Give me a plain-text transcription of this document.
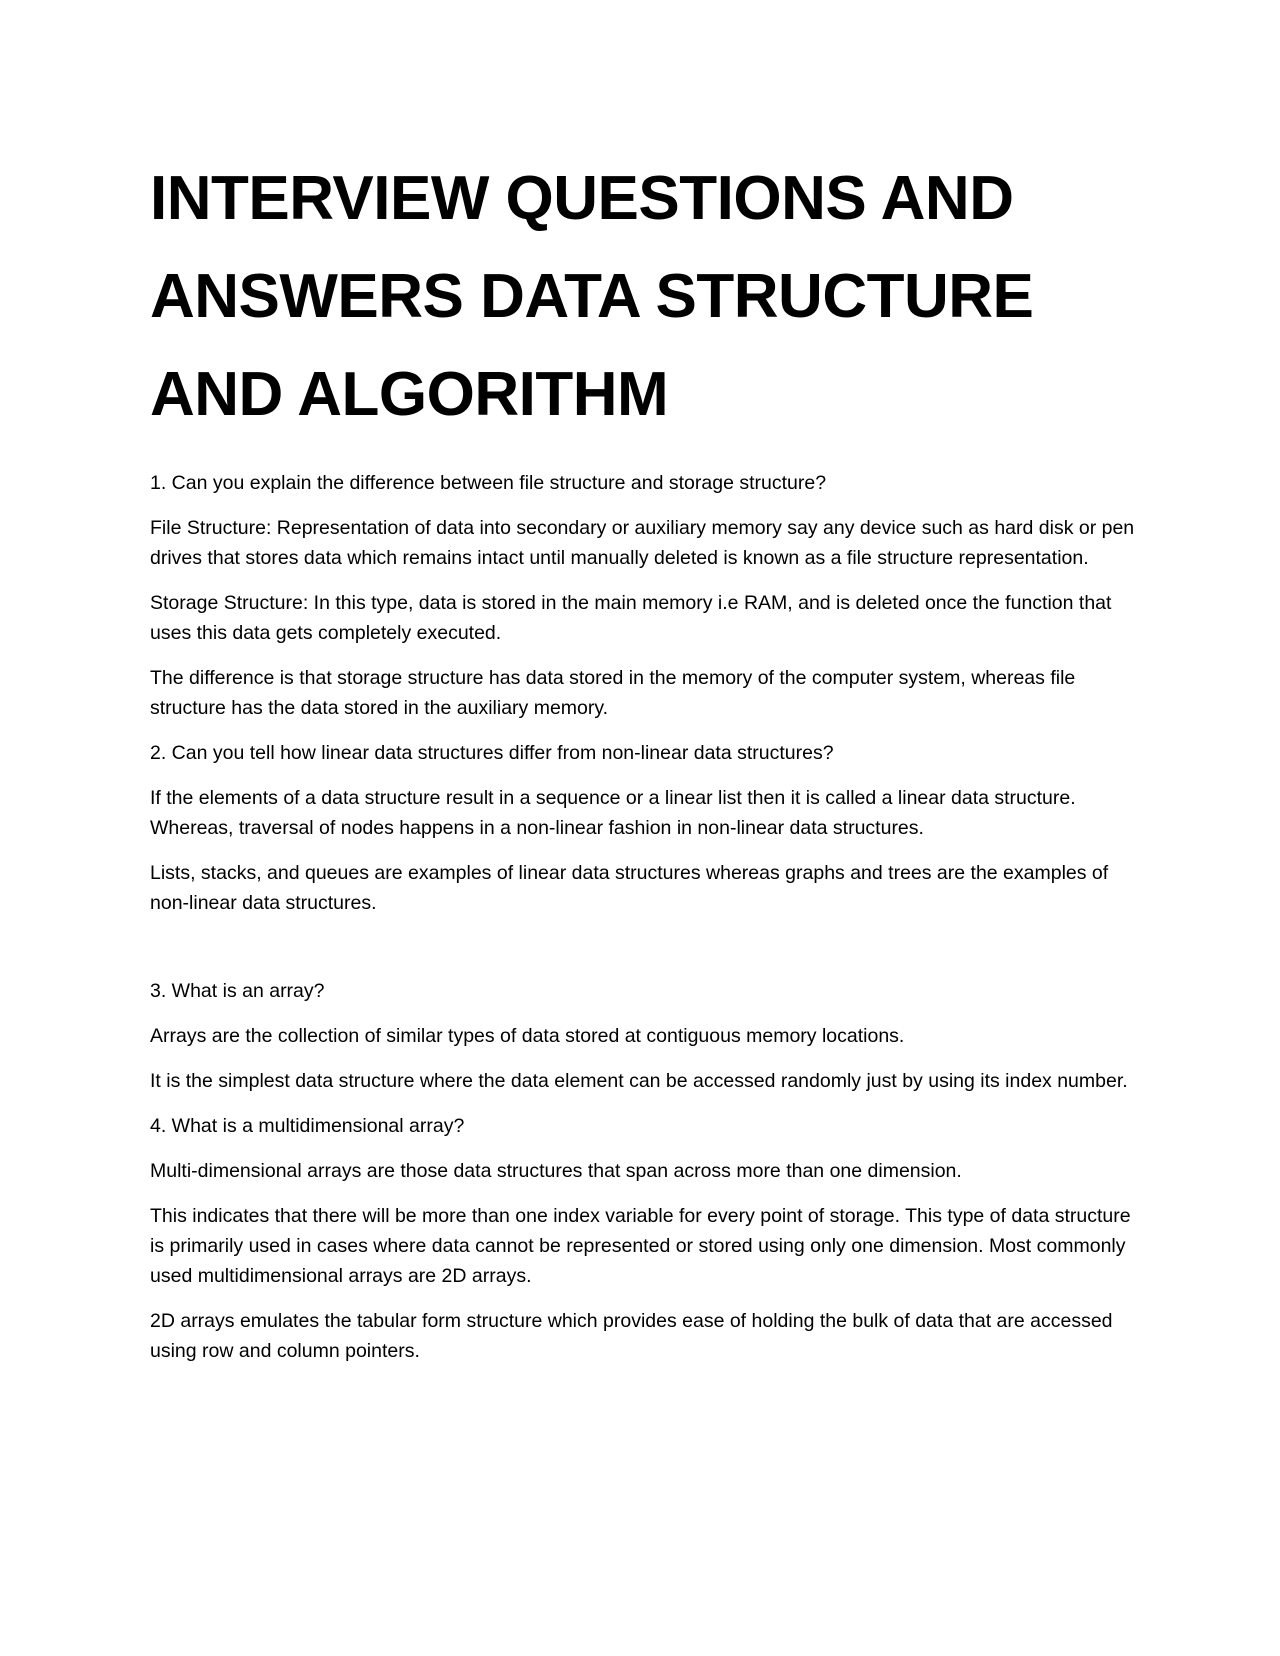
INTERVIEW QUESTIONS AND ANSWERS DATA STRUCTURE AND ALGORITHM

1. Can you explain the difference between file structure and storage structure?

File Structure: Representation of data into secondary or auxiliary memory say any device such as hard disk or pen drives that stores data which remains intact until manually deleted is known as a file structure representation.

Storage Structure: In this type, data is stored in the main memory i.e RAM, and is deleted once the function that uses this data gets completely executed.

The difference is that storage structure has data stored in the memory of the computer system, whereas file structure has the data stored in the auxiliary memory.

2. Can you tell how linear data structures differ from non-linear data structures?

If the elements of a data structure result in a sequence or a linear list then it is called a linear data structure. Whereas, traversal of nodes happens in a non-linear fashion in non-linear data structures.

Lists, stacks, and queues are examples of linear data structures whereas graphs and trees are the examples of non-linear data structures.

3. What is an array?

Arrays are the collection of similar types of data stored at contiguous memory locations.

It is the simplest data structure where the data element can be accessed randomly just by using its index number.

4. What is a multidimensional array?

Multi-dimensional arrays are those data structures that span across more than one dimension.

This indicates that there will be more than one index variable for every point of storage. This type of data structure is primarily used in cases where data cannot be represented or stored using only one dimension. Most commonly used multidimensional arrays are 2D arrays.

2D arrays emulates the tabular form structure which provides ease of holding the bulk of data that are accessed using row and column pointers.
